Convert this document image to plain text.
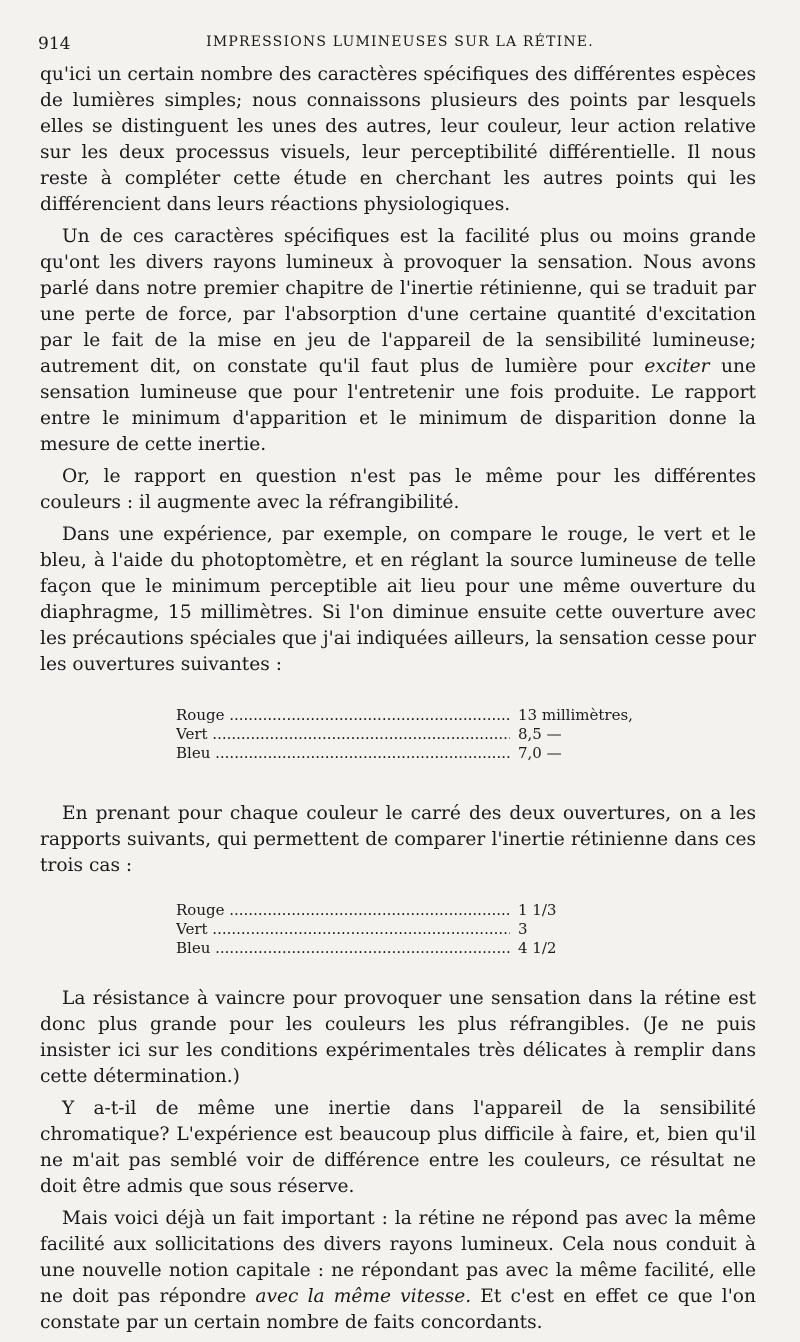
914	IMPRESSIONS LUMINEUSES SUR LA RÉTINE.

qu'ici un certain nombre des caractères spécifiques des différentes espèces de lumières simples; nous connaissons plusieurs des points par lesquels elles se distinguent les unes des autres, leur couleur, leur action relative sur les deux processus visuels, leur perceptibilité différentielle. Il nous reste à compléter cette étude en cherchant les autres points qui les différencient dans leurs réactions physiologiques.

Un de ces caractères spécifiques est la facilité plus ou moins grande qu'ont les divers rayons lumineux à provoquer la sensation. Nous avons parlé dans notre premier chapitre de l'inertie rétinienne, qui se traduit par une perte de force, par l'absorption d'une certaine quantité d'excitation par le fait de la mise en jeu de l'appareil de la sensibilité lumineuse; autrement dit, on constate qu'il faut plus de lumière pour exciter une sensation lumineuse que pour l'entretenir une fois produite. Le rapport entre le minimum d'apparition et le minimum de disparition donne la mesure de cette inertie.

Or, le rapport en question n'est pas le même pour les différentes couleurs : il augmente avec la réfrangibilité.

Dans une expérience, par exemple, on compare le rouge, le vert et le bleu, à l'aide du photoptomètre, et en réglant la source lumineuse de telle façon que le minimum perceptible ait lieu pour une même ouverture du diaphragme, 15 millimètres. Si l'on diminue ensuite cette ouverture avec les précautions spéciales que j'ai indiquées ailleurs, la sensation cesse pour les ouvertures suivantes :

Rouge .....	13 millimètres,
Vert .....	8,5 —
Bleu .....	7,0 —

En prenant pour chaque couleur le carré des deux ouvertures, on a les rapports suivants, qui permettent de comparer l'inertie rétinienne dans ces trois cas :

Rouge .....	1 1/3
Vert .....	3
Bleu .....	4 1/2

La résistance à vaincre pour provoquer une sensation dans la rétine est donc plus grande pour les couleurs les plus réfrangibles. (Je ne puis insister ici sur les conditions expérimentales très délicates à remplir dans cette détermination.)

Y a-t-il de même une inertie dans l'appareil de la sensibilité chromatique? L'expérience est beaucoup plus difficile à faire, et, bien qu'il ne m'ait pas semblé voir de différence entre les couleurs, ce résultat ne doit être admis que sous réserve.

Mais voici déjà un fait important : la rétine ne répond pas avec la même facilité aux sollicitations des divers rayons lumineux. Cela nous conduit à une nouvelle notion capitale : ne répondant pas avec la même facilité, elle ne doit pas répondre avec la même vitesse. Et c'est en effet ce que l'on constate par un certain nombre de faits concordants.
